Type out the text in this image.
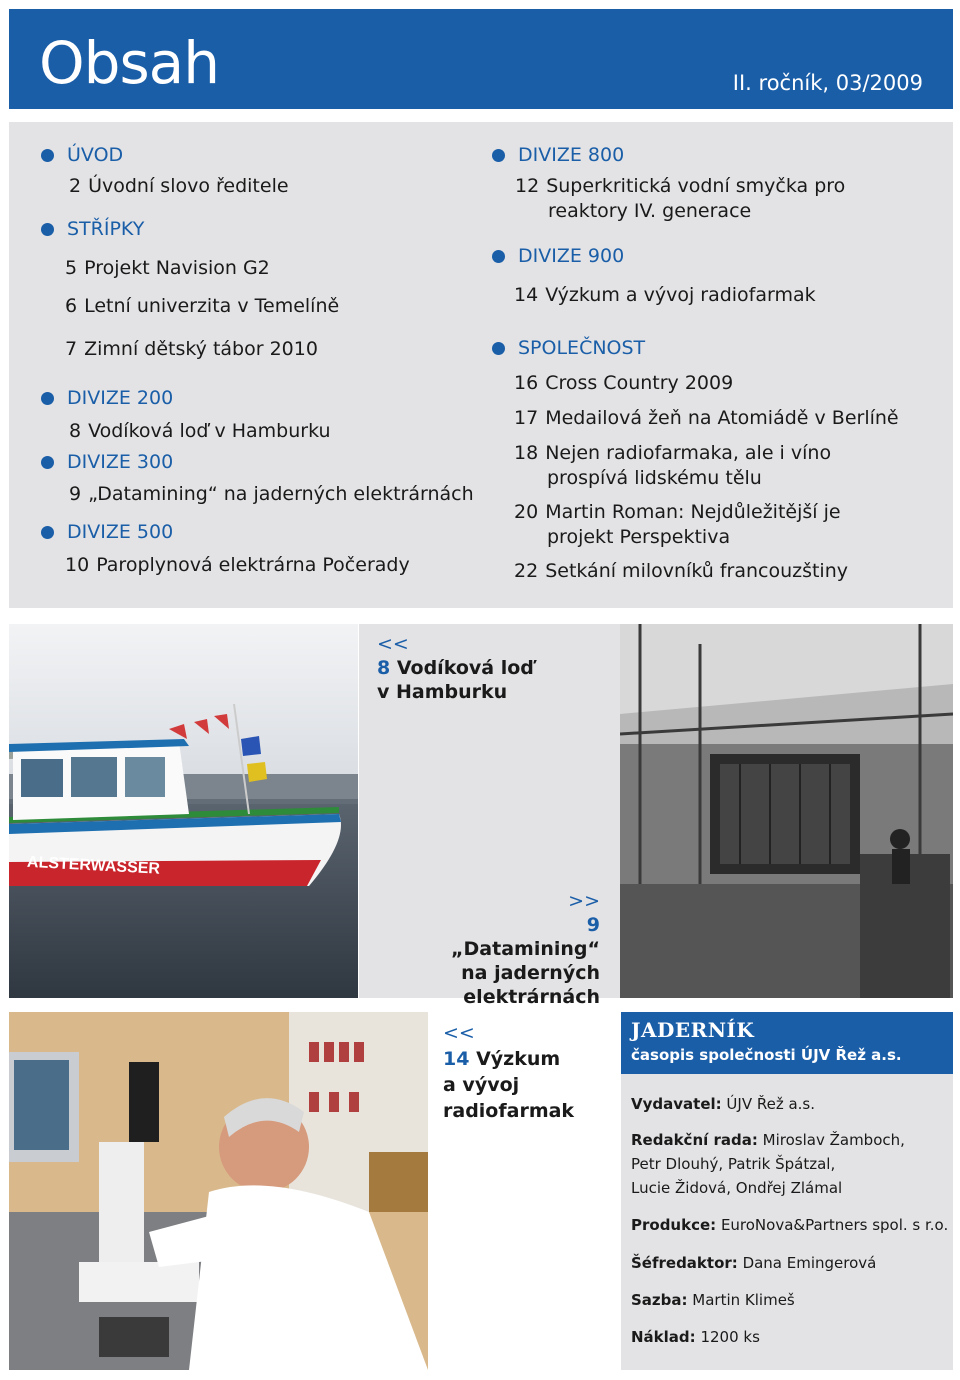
Obsah	II. ročník, 03/2009
ÚVOD
2 Úvodní slovo ředitele
STŘÍPKY
5 Projekt Navision G2
6 Letní univerzita v Temelíně
7 Zimní dětský tábor 2010
DIVIZE 200
8 Vodíková loď v Hamburku
DIVIZE 300
9 „Datamining“ na jaderných elektrárnách
DIVIZE 500
10 Paroplynová elektrárna Počerady
DIVIZE 800
12 Superkritická vodní smyčka pro
reaktory IV. generace
DIVIZE 900
14 Výzkum a vývoj radiofarmak
SPOLEČNOST
16 Cross Country 2009
17 Medailová žeň na Atomiádě v Berlíně
18 Nejen radiofarmaka, ale i víno
prospívá lidskému tělu
20 Martin Roman: Nejdůležitější je
projekt Perspektiva
22 Setkání milovníků francouzštiny
ALSTERWASSER
<<
8 Vodíková loď
v Hamburku
>>
9 „Datamining“
na jaderných
elektrárnách
<<
14 Výzkum
a vývoj
radiofarmak
JADERNÍK
časopis společnosti ÚJV Řež a.s.
Vydavatel: ÚJV Řež a.s.
Redakční rada: Miroslav Žamboch,
Petr Dlouhý, Patrik Špátzal,
Lucie Židová, Ondřej Zlámal
Produkce: EuroNova&Partners spol. s r.o.
Šéfredaktor: Dana Emingerová
Sazba: Martin Klimeš
Náklad: 1200 ks
